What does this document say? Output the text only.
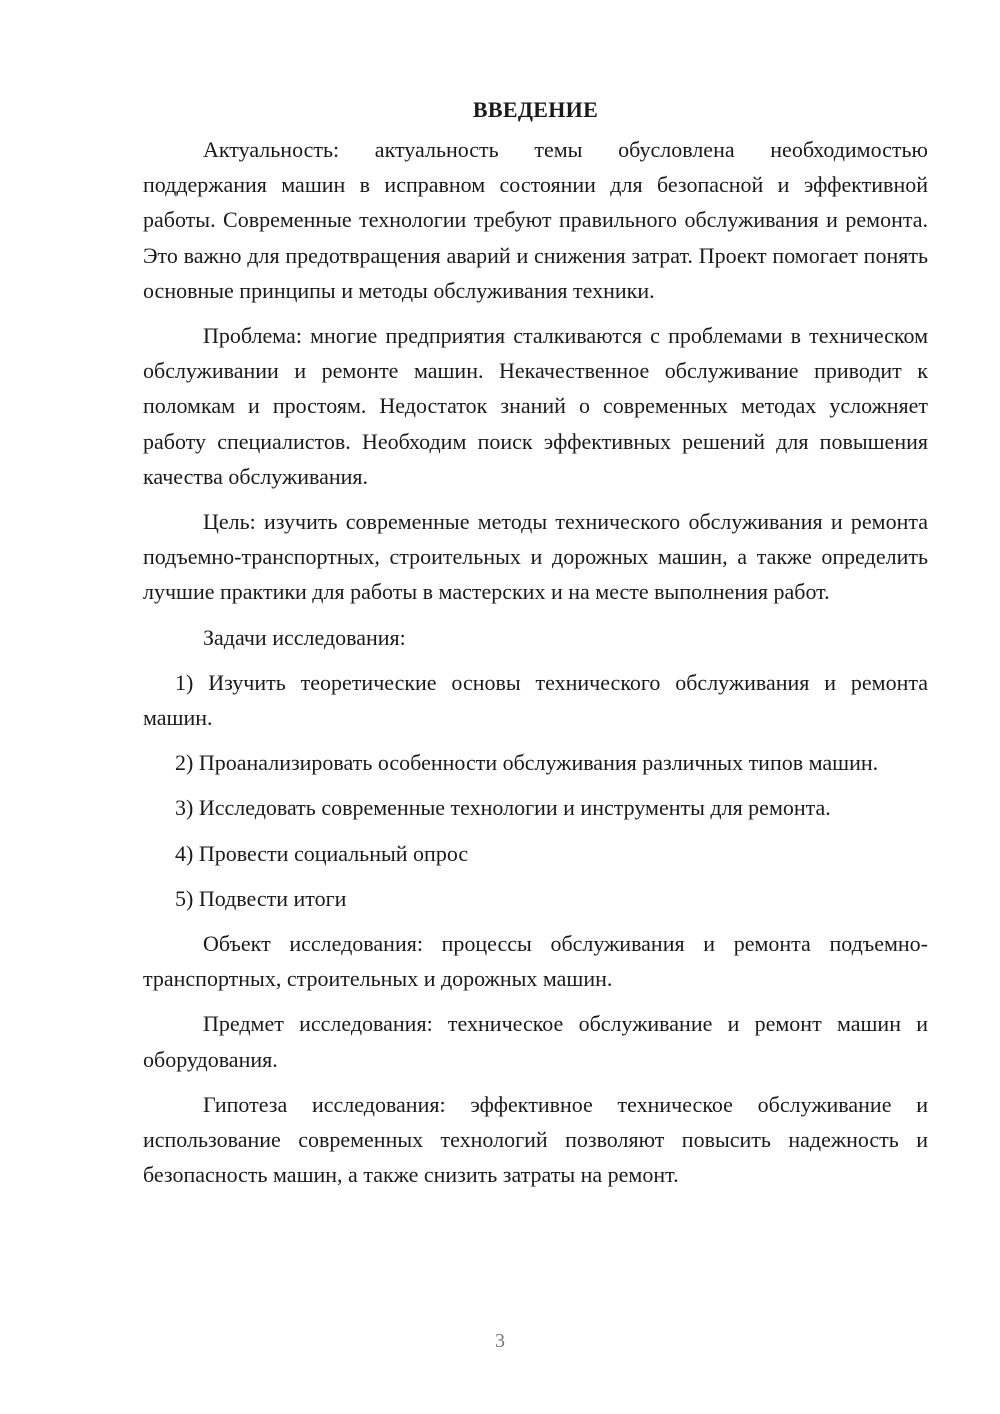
ВВЕДЕНИЕ

Актуальность: актуальность темы обусловлена необходимостью поддержания машин в исправном состоянии для безопасной и эффективной работы. Современные технологии требуют правильного обслуживания и ремонта. Это важно для предотвращения аварий и снижения затрат. Проект помогает понять основные принципы и методы обслуживания техники.

Проблема: многие предприятия сталкиваются с проблемами в техническом обслуживании и ремонте машин. Некачественное обслуживание приводит к поломкам и простоям. Недостаток знаний о современных методах усложняет работу специалистов. Необходим поиск эффективных решений для повышения качества обслуживания.

Цель: изучить современные методы технического обслуживания и ремонта подъемно-транспортных, строительных и дорожных машин, а также определить лучшие практики для работы в мастерских и на месте выполнения работ.

Задачи исследования:

1) Изучить теоретические основы технического обслуживания и ремонта машин.

2) Проанализировать особенности обслуживания различных типов машин.

3) Исследовать современные технологии и инструменты для ремонта.

4) Провести социальный опрос

5) Подвести итоги

Объект исследования: процессы обслуживания и ремонта подъемно-транспортных, строительных и дорожных машин.

Предмет исследования: техническое обслуживание и ремонт машин и оборудования.

Гипотеза исследования: эффективное техническое обслуживание и использование современных технологий позволяют повысить надежность и безопасность машин, а также снизить затраты на ремонт.

3
